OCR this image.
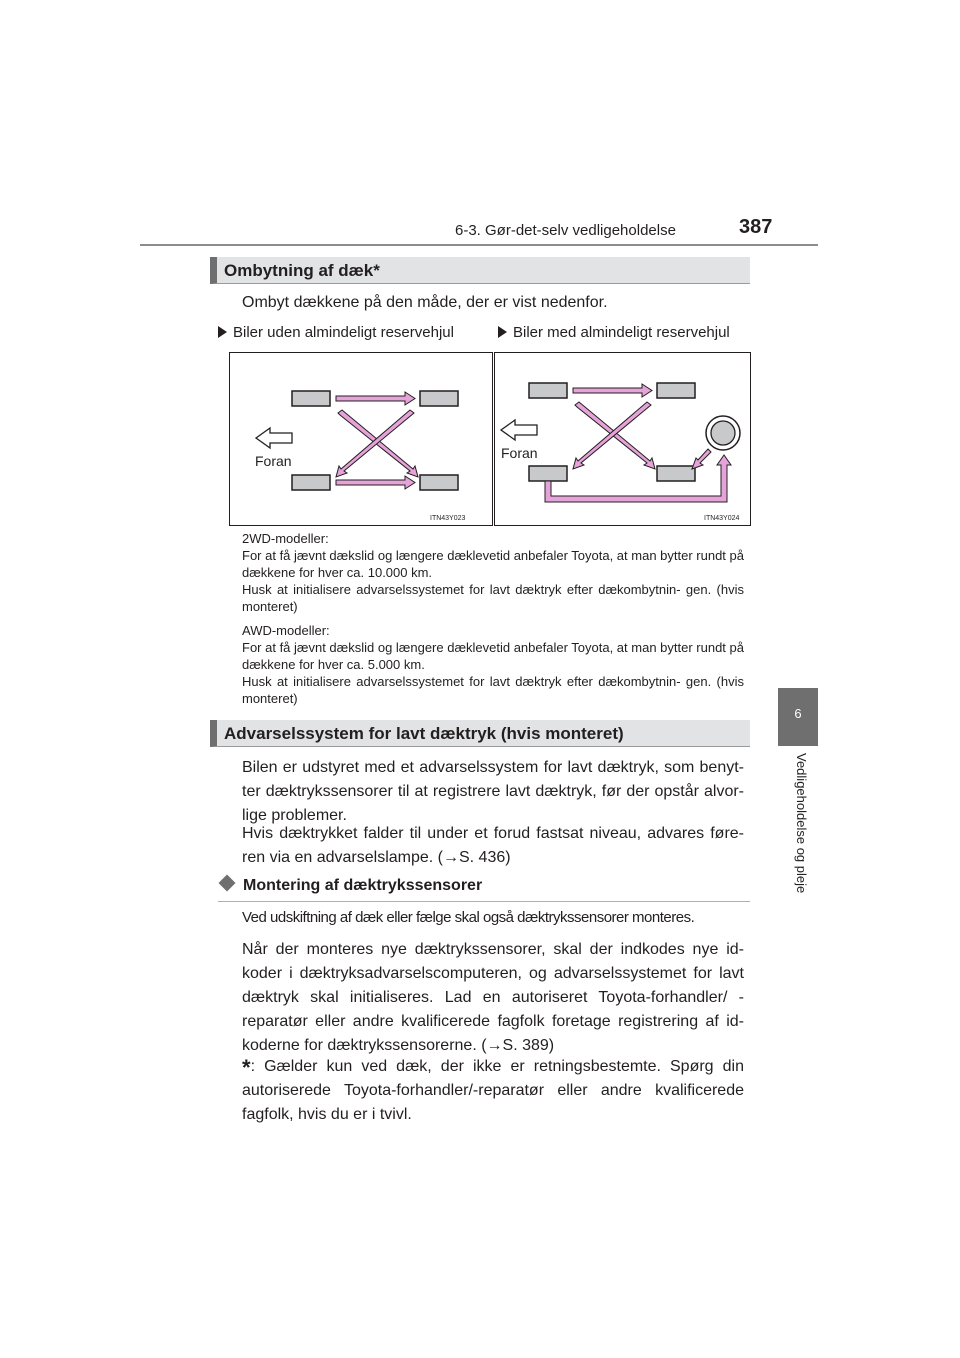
6-3. Gør-det-selv vedligeholdelse	387
6
Vedligeholdelse og pleje
Ombytning af dæk*
Ombyt dækkene på den måde, der er vist nedenfor.
Biler uden almindeligt reservehjul	Biler med almindeligt reservehjul
Foran
ITN43Y023
Foran
ITN43Y024
2WD-modeller:
For at få jævnt dækslid og længere dæklevetid anbefaler Toyota, at man bytter rundt på dækkene for hver ca. 10.000 km.
Husk at initialisere advarselssystemet for lavt dæktryk efter dækombytnin- gen. (hvis monteret)
AWD-modeller:
For at få jævnt dækslid og længere dæklevetid anbefaler Toyota, at man bytter rundt på dækkene for hver ca. 5.000 km.
Husk at initialisere advarselssystemet for lavt dæktryk efter dækombytnin- gen. (hvis monteret)
Advarselssystem for lavt dæktryk (hvis monteret)
Bilen er udstyret med et advarselssystem for lavt dæktryk, som benyt- ter dæktrykssensorer til at registrere lavt dæktryk, før der opstår alvor- lige problemer.
Hvis dæktrykket falder til under et forud fastsat niveau, advares føre- ren via en advarselslampe. (→S. 436)
Montering af dæktrykssensorer
Ved udskiftning af dæk eller fælge skal også dæktrykssensorer monteres.
Når der monteres nye dæktrykssensorer, skal der indkodes nye id- koder i dæktryksadvarselscomputeren, og advarselssystemet for lavt dæktryk skal initialiseres. Lad en autoriseret Toyota-forhandler/ -reparatør eller andre kvalificerede fagfolk foretage registrering af id-koderne for dæktrykssensorerne. (→S. 389)
*: Gælder kun ved dæk, der ikke er retningsbestemte. Spørg din autoriserede Toyota-forhandler/-reparatør eller andre kvalificerede fagfolk, hvis du er i tvivl.
